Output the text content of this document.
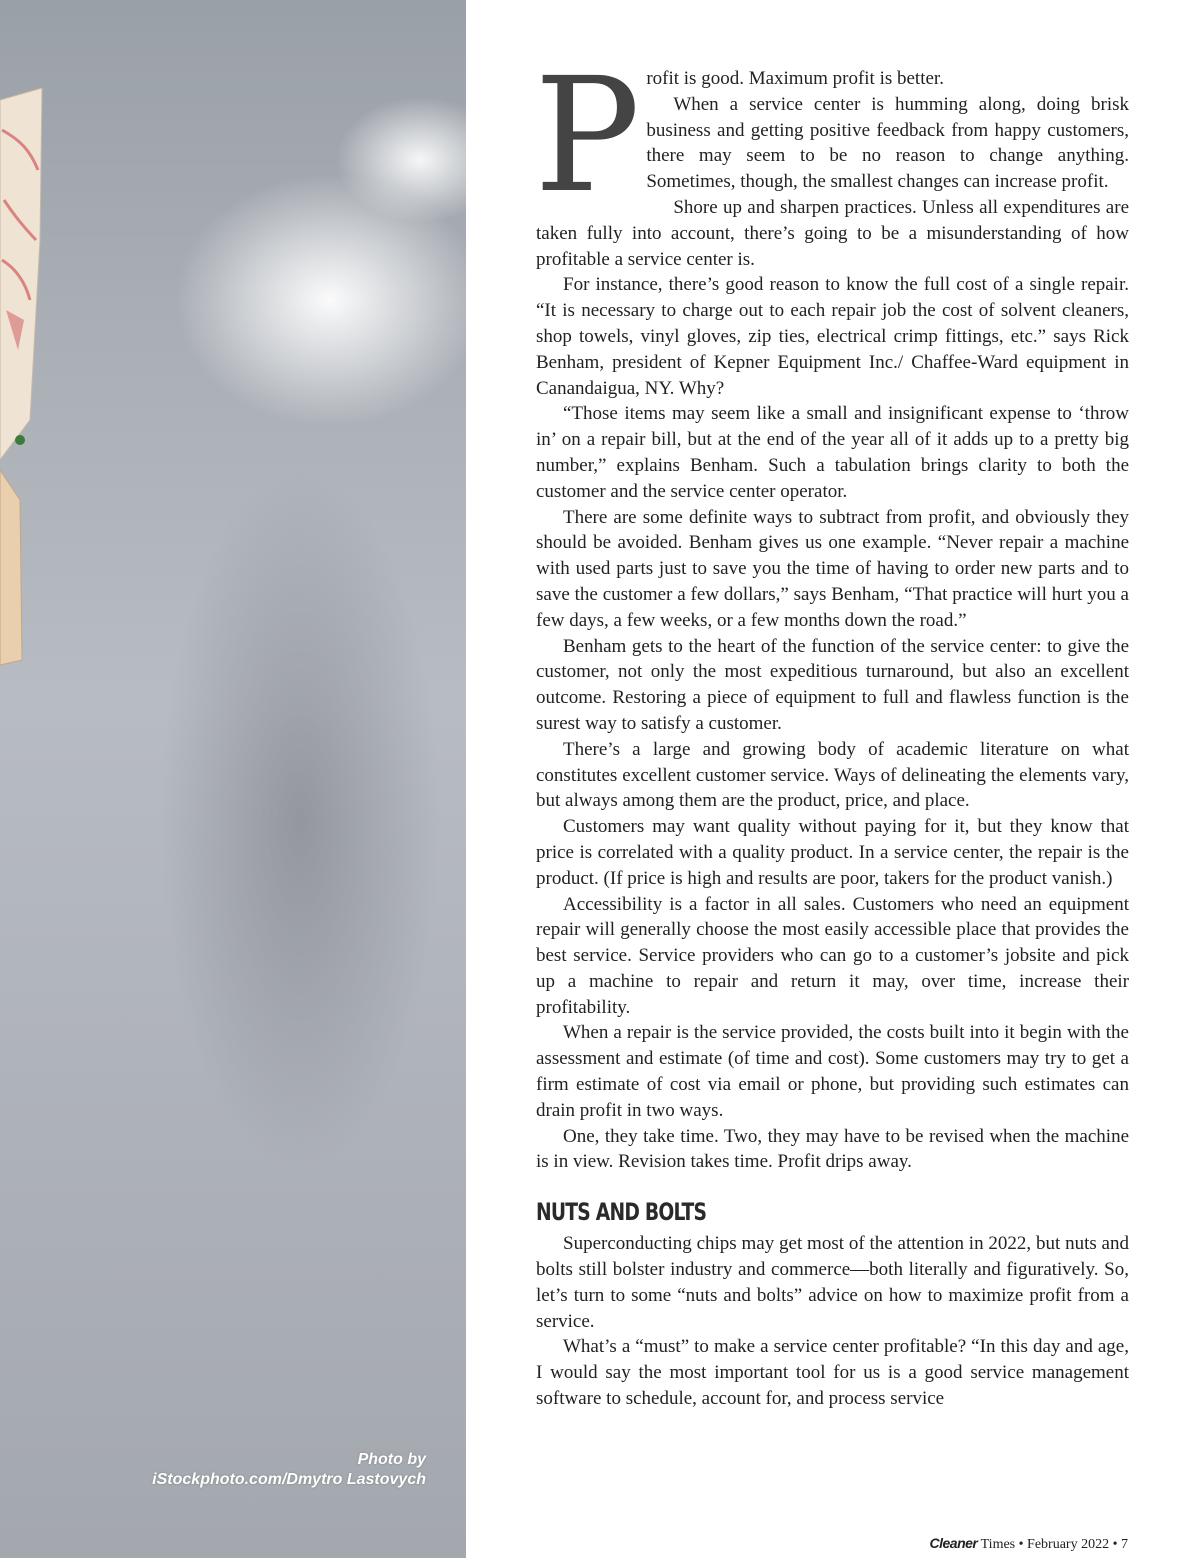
Photo by
iStockphoto.com/Dmytro Lastovych

Profit is good. Maximum profit is better.

When a service center is humming along, doing brisk business and getting positive feedback from happy customers, there may seem to be no reason to change anything. Sometimes, though, the smallest changes can increase profit.

Shore up and sharpen practices. Unless all expenditures are taken fully into account, there’s going to be a misunderstanding of how profitable a service center is.

For instance, there’s good reason to know the full cost of a single repair. “It is necessary to charge out to each repair job the cost of solvent cleaners, shop towels, vinyl gloves, zip ties, electrical crimp fittings, etc.” says Rick Benham, president of Kepner Equipment Inc./ Chaffee-Ward equipment in Canandaigua, NY. Why?

“Those items may seem like a small and insignificant expense to ‘throw in’ on a repair bill, but at the end of the year all of it adds up to a pretty big number,” explains Benham. Such a tabulation brings clarity to both the customer and the service center operator.

There are some definite ways to subtract from profit, and obviously they should be avoided. Benham gives us one example. “Never repair a machine with used parts just to save you the time of having to order new parts and to save the customer a few dollars,” says Benham, “That practice will hurt you a few days, a few weeks, or a few months down the road.”

Benham gets to the heart of the function of the service center: to give the customer, not only the most expeditious turnaround, but also an excellent outcome. Restoring a piece of equipment to full and flawless function is the surest way to satisfy a customer.

There’s a large and growing body of academic literature on what constitutes excellent customer service. Ways of delineating the elements vary, but always among them are the product, price, and place.

Customers may want quality without paying for it, but they know that price is correlated with a quality product. In a service center, the repair is the product. (If price is high and results are poor, takers for the product vanish.)

Accessibility is a factor in all sales. Customers who need an equipment repair will generally choose the most easily accessible place that provides the best service. Service providers who can go to a customer’s jobsite and pick up a machine to repair and return it may, over time, increase their profitability.

When a repair is the service provided, the costs built into it begin with the assessment and estimate (of time and cost). Some customers may try to get a firm estimate of cost via email or phone, but providing such estimates can drain profit in two ways.

One, they take time. Two, they may have to be revised when the machine is in view. Revision takes time. Profit drips away.

NUTS AND BOLTS

Superconducting chips may get most of the attention in 2022, but nuts and bolts still bolster industry and commerce—both literally and figuratively. So, let’s turn to some “nuts and bolts” advice on how to maximize profit from a service.

What’s a “must” to make a service center profitable? “In this day and age, I would say the most important tool for us is a good service management software to schedule, account for, and process service

Cleaner Times • February 2022 • 7
